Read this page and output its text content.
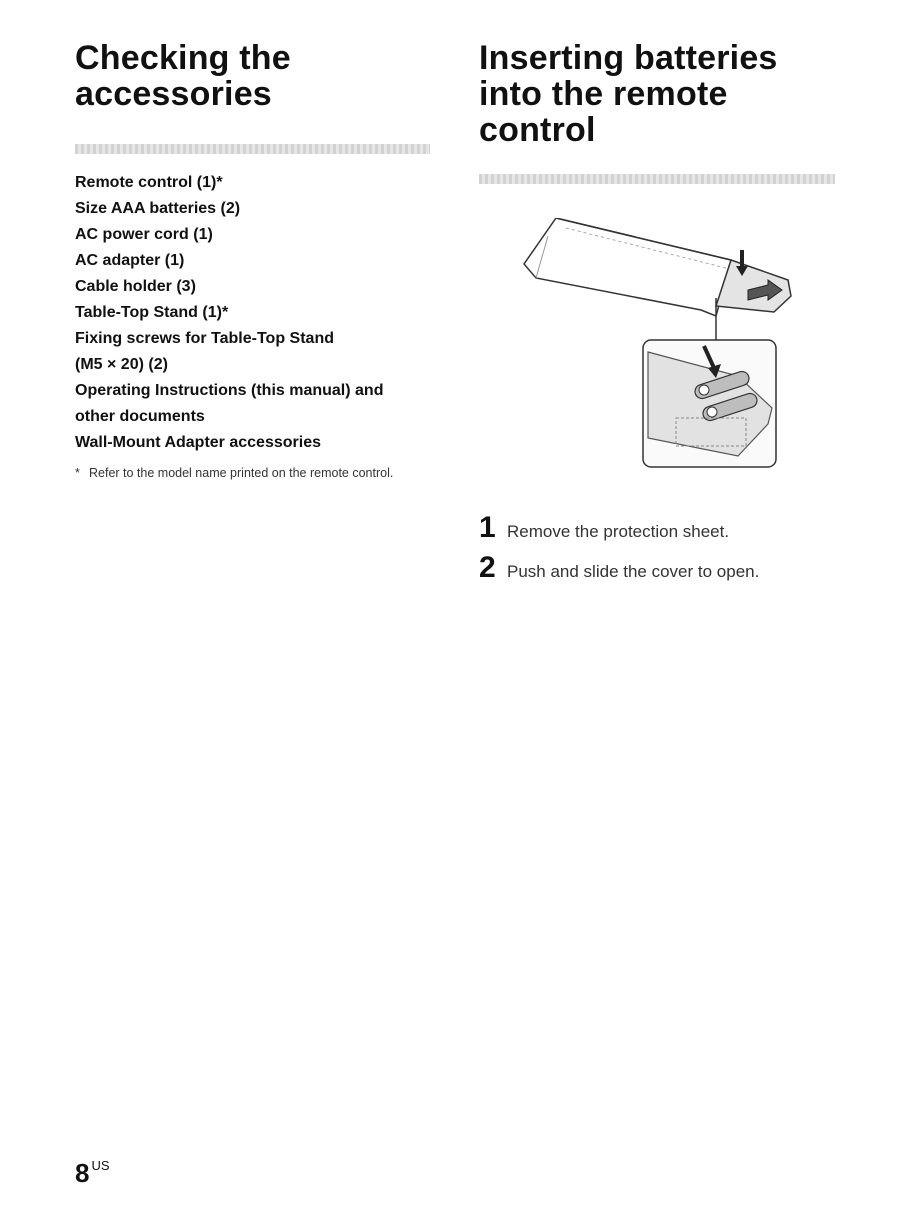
Checking the
accessories
Remote control (1)*
Size AAA batteries (2)
AC power cord (1)
AC adapter (1)
Cable holder (3)
Table-Top Stand (1)*
Fixing screws for Table-Top Stand
(M5 × 20) (2)
Operating Instructions (this manual) and
other documents
Wall-Mount Adapter accessories
* Refer to the model name printed on the remote control.
Inserting batteries
into the remote
control
1 Remove the protection sheet.
2 Push and slide the cover to open.
8 $^{US}$
